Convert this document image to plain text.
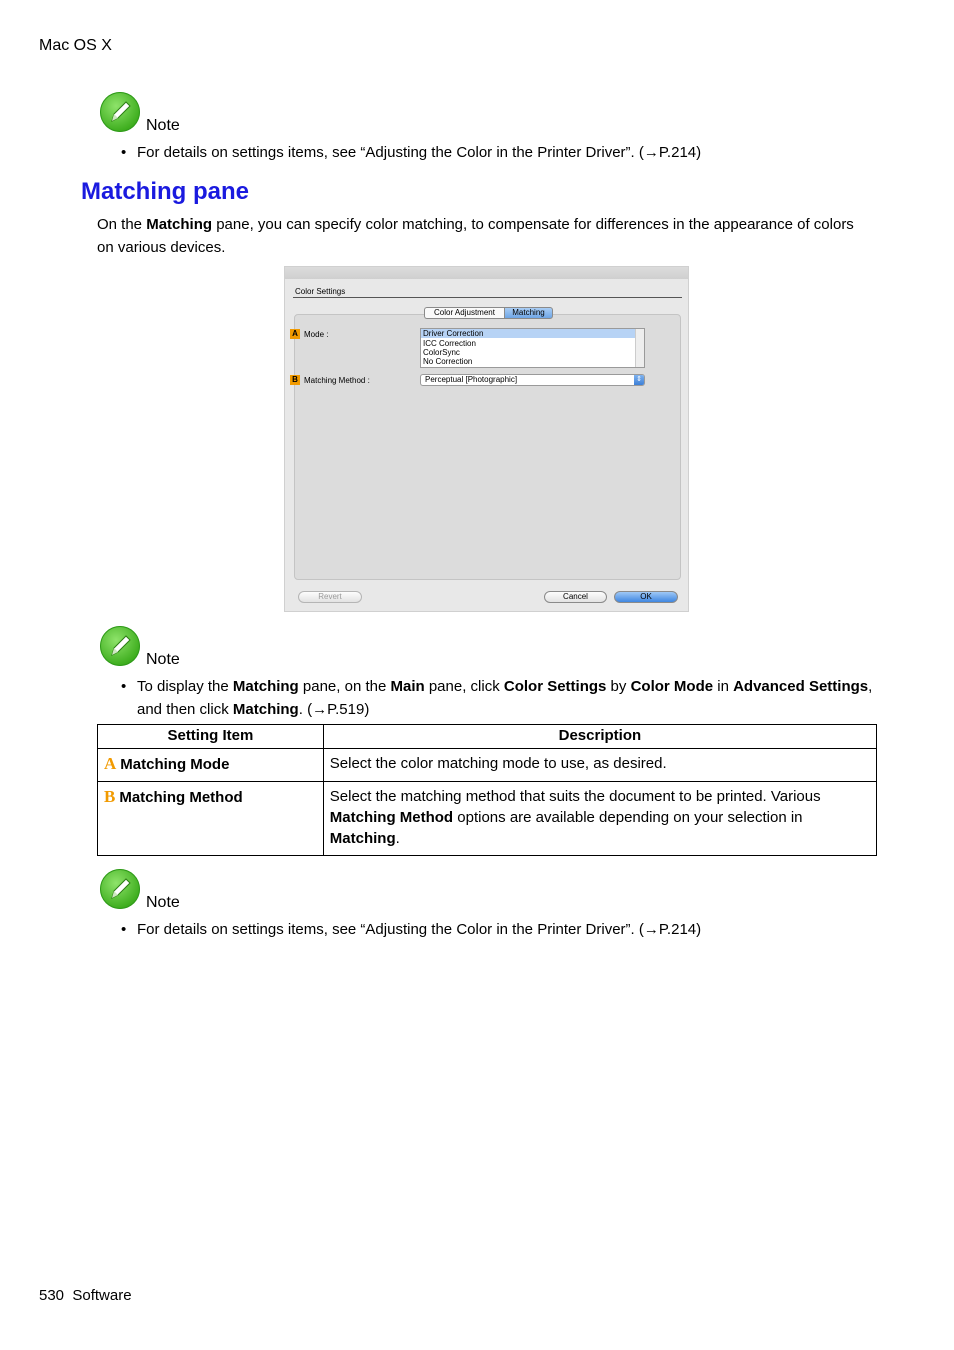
Mac OS X
Note
• For details on settings items, see “Adjusting the Color in the Printer Driver”. (→P.214)
Matching pane
On the Matching pane, you can specify color matching, to compensate for differences in the appearance of colors on various devices.
Color Settings
Color Adjustment	Matching
A Mode :	Driver Correction
ICC Correction
ColorSync
No Correction
B Matching Method :	Perceptual [Photographic]	⇕
Revert	Cancel	OK
Note
• To display the Matching pane, on the Main pane, click Color Settings by Color Mode in Advanced Settings, and then click Matching. (→P.519)
Setting Item	Description
A Matching Mode	Select the color matching mode to use, as desired.
B Matching Method	Select the matching method that suits the document to be printed. Various Matching Method options are available depending on your selection in Matching.
Note
• For details on settings items, see “Adjusting the Color in the Printer Driver”. (→P.214)
530 Software
